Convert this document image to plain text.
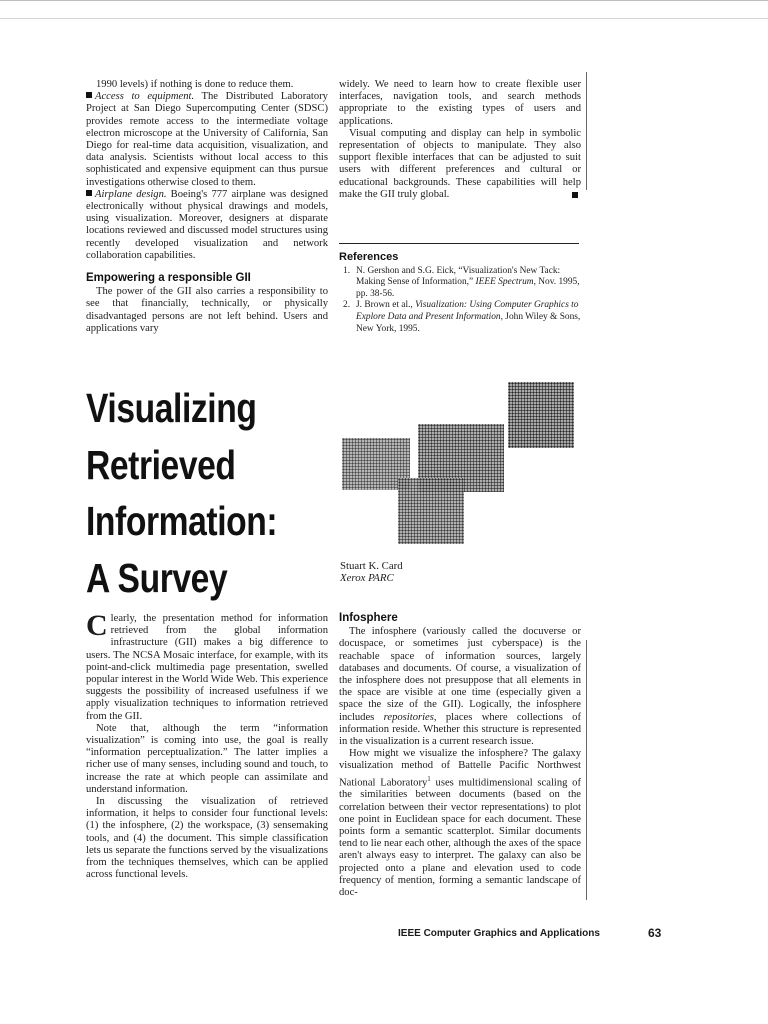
1990 levels) if nothing is done to reduce them.

Access to equipment. The Distributed Laboratory Project at San Diego Supercomputing Center (SDSC) provides remote access to the intermediate voltage electron microscope at the University of California, San Diego for real-time data acquisition, visualization, and data analysis. Scientists without local access to this sophisticated and expensive equipment can thus pursue investigations otherwise closed to them.

Airplane design. Boeing's 777 airplane was designed electronically without physical drawings and models, using visualization. Moreover, designers at disparate locations reviewed and discussed model structures using recently developed visualization and network collaboration capabilities.

Empowering a responsible GII

The power of the GII also carries a responsibility to see that financially, technically, or physically disadvantaged persons are not left behind. Users and applications vary

widely. We need to learn how to create flexible user interfaces, navigation tools, and search methods appropriate to the existing types of users and applications.

Visual computing and display can help in symbolic representation of objects to manipulate. They also support flexible interfaces that can be adjusted to suit users with different preferences and cultural or educational backgrounds. These capabilities will help make the GII truly global.

References
1. N. Gershon and S.G. Eick, “Visualization's New Tack: Making Sense of Information,” IEEE Spectrum, Nov. 1995, pp. 38-56.
2. J. Brown et al., Visualization: Using Computer Graphics to Explore Data and Present Information, John Wiley & Sons, New York, 1995.
Visualizing
Retrieved
Information:
A Survey	Stuart K. Card
Xerox PARC

Clearly, the presentation method for information retrieved from the global information infrastructure (GII) makes a big difference to users. The NCSA Mosaic interface, for example, with its point-and-click multimedia page presentation, swelled popular interest in the World Wide Web. This experience suggests the possibility of increased usefulness if we apply visualization techniques to information retrieved from the GII.

Note that, although the term “information visualization” is coming into use, the goal is really “information perceptualization.” The latter implies a richer use of many senses, including sound and touch, to increase the rate at which people can assimilate and understand information.

In discussing the visualization of retrieved information, it helps to consider four functional levels: (1) the infosphere, (2) the workspace, (3) sensemaking tools, and (4) the document. This simple classification lets us separate the functions served by the visualizations from the techniques themselves, which can be applied across functional levels.

Infosphere

The infosphere (variously called the docuverse or docuspace, or sometimes just cyberspace) is the reachable space of information sources, largely databases and documents. Of course, a visualization of the infosphere does not presuppose that all elements in the space are visible at one time (especially given a space the size of the GII). Logically, the infosphere includes repositories, places where collections of information reside. Whether this structure is represented in the visualization is a current research issue.

How might we visualize the infosphere? The galaxy visualization method of Battelle Pacific Northwest National Laboratory$^1$ uses multidimensional scaling of the similarities between documents (based on the correlation between their vector representations) to plot one point in Euclidean space for each document. These points form a semantic scatterplot. Similar documents tend to lie near each other, although the axes of the space aren't always easy to interpret. The galaxy can also be projected onto a plane and elevation used to code frequency of mention, forming a semantic landscape of doc-

IEEE Computer Graphics and Applications	63
